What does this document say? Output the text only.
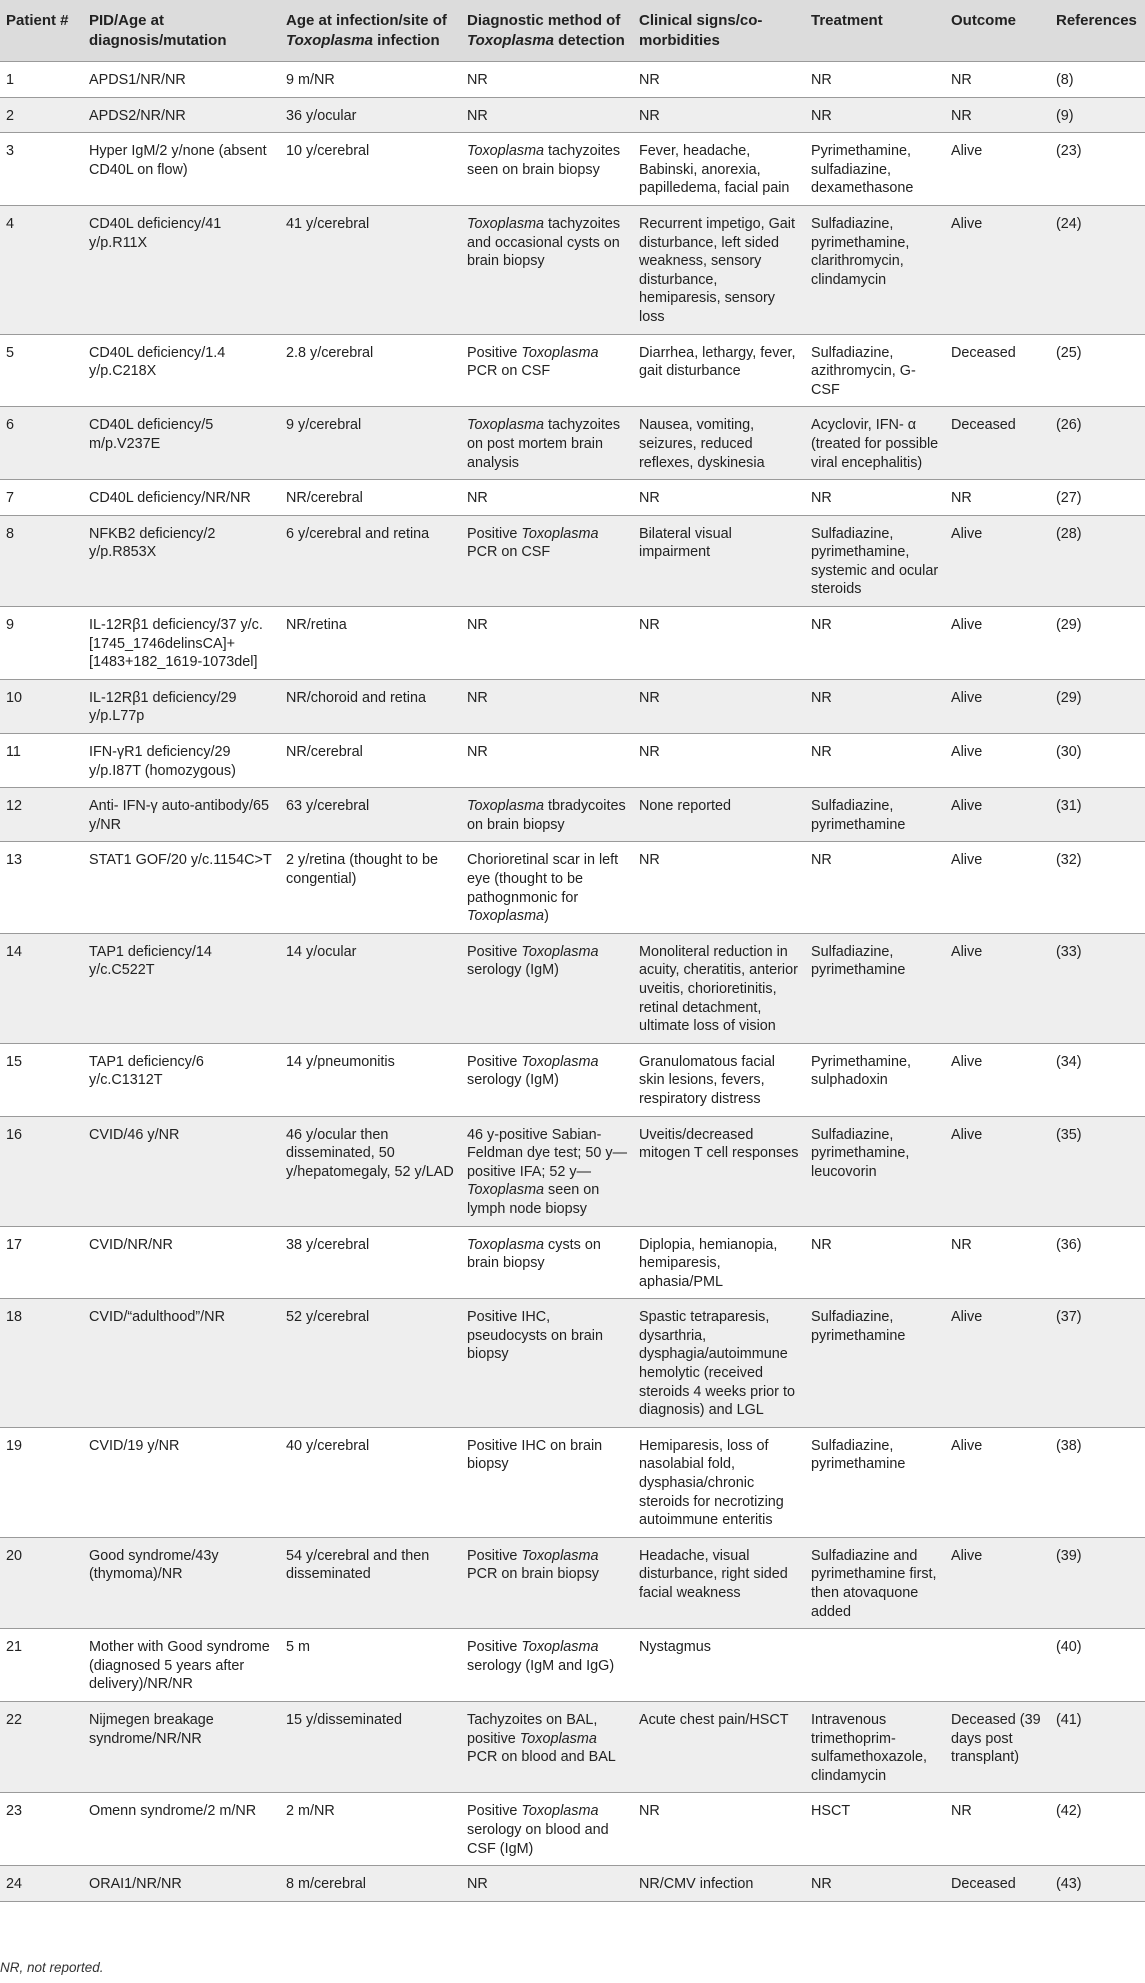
Patient #	PID/Age at diagnosis/mutation	Age at infection/site of Toxoplasma infection	Diagnostic method of Toxoplasma detection	Clinical signs/co-morbidities	Treatment	Outcome	References
1	APDS1/NR/NR	9 m/NR	NR	NR	NR	NR	(8)
2	APDS2/NR/NR	36 y/ocular	NR	NR	NR	NR	(9)
3	Hyper IgM/2 y/none (absent CD40L on flow)	10 y/cerebral	Toxoplasma tachyzoites seen on brain biopsy	Fever, headache, Babinski, anorexia, papilledema, facial pain	Pyrimethamine, sulfadiazine, dexamethasone	Alive	(23)
4	CD40L deficiency/41 y/p.R11X	41 y/cerebral	Toxoplasma tachyzoites and occasional cysts on brain biopsy	Recurrent impetigo, Gait disturbance, left sided weakness, sensory disturbance, hemiparesis, sensory loss	Sulfadiazine, pyrimethamine, clarithromycin, clindamycin	Alive	(24)
5	CD40L deficiency/1.4 y/p.C218X	2.8 y/cerebral	Positive Toxoplasma PCR on CSF	Diarrhea, lethargy, fever, gait disturbance	Sulfadiazine, azithromycin, G-CSF	Deceased	(25)
6	CD40L deficiency/5 m/p.V237E	9 y/cerebral	Toxoplasma tachyzoites on post mortem brain analysis	Nausea, vomiting, seizures, reduced reflexes, dyskinesia	Acyclovir, IFN- α (treated for possible viral encephalitis)	Deceased	(26)
7	CD40L deficiency/NR/NR	NR/cerebral	NR	NR	NR	NR	(27)
8	NFKB2 deficiency/2 y/p.R853X	6 y/cerebral and retina	Positive Toxoplasma PCR on CSF	Bilateral visual impairment	Sulfadiazine, pyrimethamine, systemic and ocular steroids	Alive	(28)
9	IL-12Rβ1 deficiency/37 y/c.[1745_1746delinsCA]+[1483+182_1619-1073del]	NR/retina	NR	NR	NR	Alive	(29)
10	IL-12Rβ1 deficiency/29 y/p.L77p	NR/choroid and retina	NR	NR	NR	Alive	(29)
11	IFN-γR1 deficiency/29 y/p.I87T (homozygous)	NR/cerebral	NR	NR	NR	Alive	(30)
12	Anti- IFN-γ auto-antibody/65 y/NR	63 y/cerebral	Toxoplasma tbradycoites on brain biopsy	None reported	Sulfadiazine, pyrimethamine	Alive	(31)
13	STAT1 GOF/20 y/c.1154C>T	2 y/retina (thought to be congential)	Chorioretinal scar in left eye (thought to be pathognmonic for Toxoplasma)	NR	NR	Alive	(32)
14	TAP1 deficiency/14 y/c.C522T	14 y/ocular	Positive Toxoplasma serology (IgM)	Monoliteral reduction in acuity, cheratitis, anterior uveitis, chorioretinitis, retinal detachment, ultimate loss of vision	Sulfadiazine, pyrimethamine	Alive	(33)
15	TAP1 deficiency/6 y/c.C1312T	14 y/pneumonitis	Positive Toxoplasma serology (IgM)	Granulomatous facial skin lesions, fevers, respiratory distress	Pyrimethamine, sulphadoxin	Alive	(34)
16	CVID/46 y/NR	46 y/ocular then disseminated, 50 y/hepatomegaly, 52 y/LAD	46 y-positive Sabian-Feldman dye test; 50 y—positive IFA; 52 y—Toxoplasma seen on lymph node biopsy	Uveitis/decreased mitogen T cell responses	Sulfadiazine, pyrimethamine, leucovorin	Alive	(35)
17	CVID/NR/NR	38 y/cerebral	Toxoplasma cysts on brain biopsy	Diplopia, hemianopia, hemiparesis, aphasia/PML	NR	NR	(36)
18	CVID/“adulthood”/NR	52 y/cerebral	Positive IHC, pseudocysts on brain biopsy	Spastic tetraparesis, dysarthria, dysphagia/autoimmune hemolytic (received steroids 4 weeks prior to diagnosis) and LGL	Sulfadiazine, pyrimethamine	Alive	(37)
19	CVID/19 y/NR	40 y/cerebral	Positive IHC on brain biopsy	Hemiparesis, loss of nasolabial fold, dysphasia/chronic steroids for necrotizing autoimmune enteritis	Sulfadiazine, pyrimethamine	Alive	(38)
20	Good syndrome/43y (thymoma)/NR	54 y/cerebral and then disseminated	Positive Toxoplasma PCR on brain biopsy	Headache, visual disturbance, right sided facial weakness	Sulfadiazine and pyrimethamine first, then atovaquone added	Alive	(39)
21	Mother with Good syndrome (diagnosed 5 years after delivery)/NR/NR	5 m	Positive Toxoplasma serology (IgM and IgG)	Nystagmus			(40)
22	Nijmegen breakage syndrome/NR/NR	15 y/disseminated	Tachyzoites on BAL, positive Toxoplasma PCR on blood and BAL	Acute chest pain/HSCT	Intravenous trimethoprim-sulfamethoxazole, clindamycin	Deceased (39 days post transplant)	(41)
23	Omenn syndrome/2 m/NR	2 m/NR	Positive Toxoplasma serology on blood and CSF (IgM)	NR	HSCT	NR	(42)
24	ORAI1/NR/NR	8 m/cerebral	NR	NR/CMV infection	NR	Deceased	(43)
NR, not reported.
